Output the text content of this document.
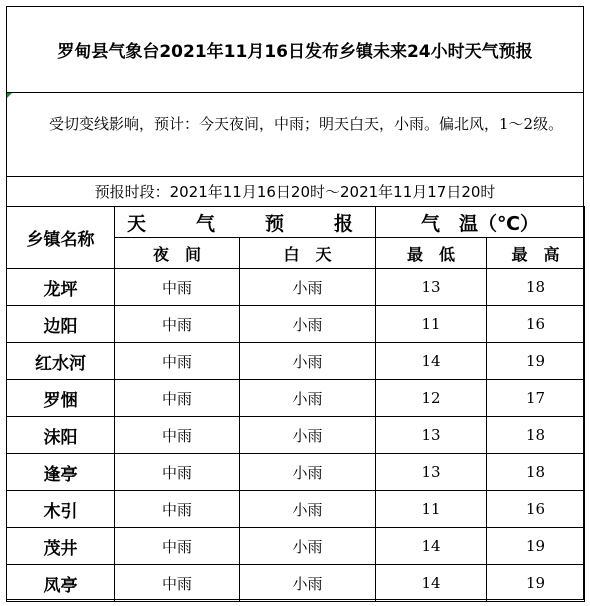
罗甸县气象台2021年11月16日发布乡镇未来24小时天气预报
受切变线影响，预计：今天夜间，中雨；明天白天，小雨。偏北风，1～2级。
预报时段：2021年11月16日20时～2021年11月17日20时
乡镇名称	天 气 预 报		气　温（℃）	
	夜间	白天	最低	最高
龙坪	中雨	小雨	13	18
边阳	中雨	小雨	11	16
红水河	中雨	小雨	14	19
罗悃	中雨	小雨	12	17
沫阳	中雨	小雨	13	18
逢亭	中雨	小雨	13	18
木引	中雨	小雨	11	16
茂井	中雨	小雨	14	19
凤亭	中雨	小雨	14	19
